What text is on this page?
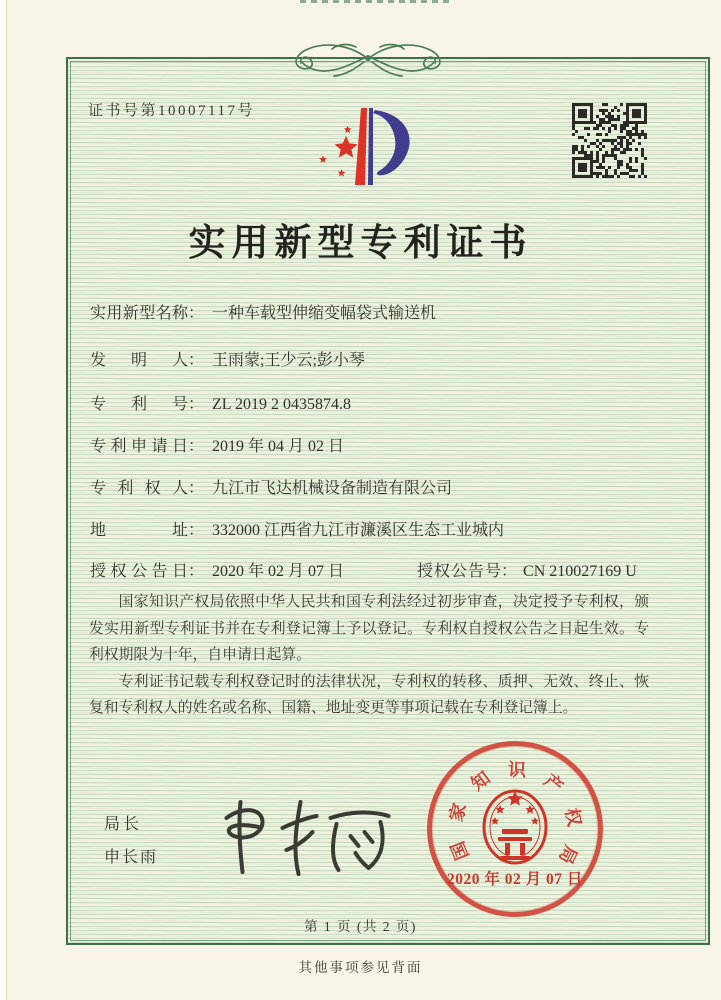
证书号第10007117号
实用新型专利证书
实用新型名称： 一种车载型伸缩变幅袋式输送机
发明人： 王雨蒙;王少云;彭小琴
专利号： ZL 2019 2 0435874.8
专利申请日： 2019 年 04 月 02 日
专利权人： 九江市飞达机械设备制造有限公司
地址： 332000 江西省九江市濂溪区生态工业城内
授权公告日： 2020 年 02 月 07 日	授权公告号： CN 210027169 U

国家知识产权局依照中华人民共和国专利法经过初步审查，决定授予专利权，颁发实用新型专利证书并在专利登记簿上予以登记。专利权自授权公告之日起生效。专利权期限为十年，自申请日起算。

专利证书记载专利权登记时的法律状况，专利权的转移、质押、无效、终止、恢复和专利权人的姓名或名称、国籍、地址变更等事项记载在专利登记簿上。

局长
申长雨	国
家
知 识
产
权
局
2020 年 02 月 07 日
第 1 页 (共 2 页)
其他事项参见背面
